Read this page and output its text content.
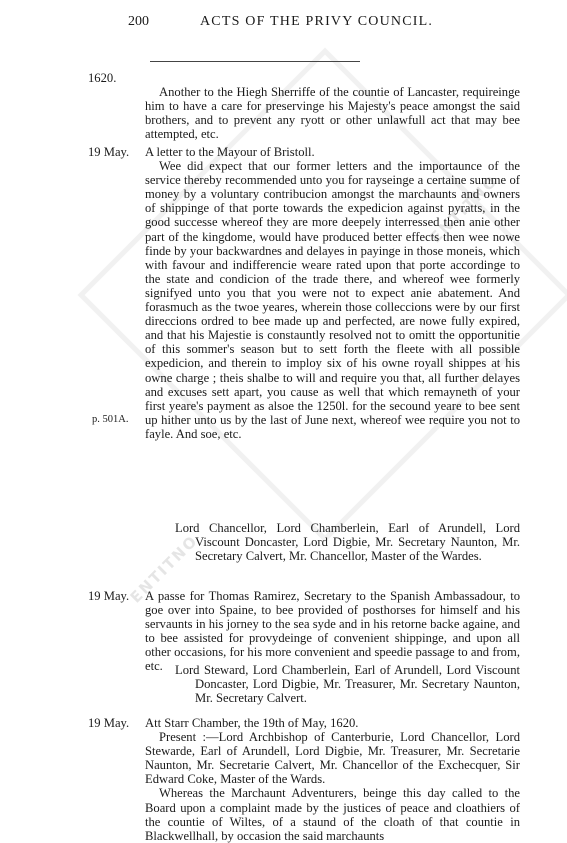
ENTITNO
ENTITNO
200	ACTS OF THE PRIVY COUNCIL.
1620.

Another to the Hiegh Sherriffe of the countie of Lancaster, requireinge him to have a care for preservinge his Majesty's peace amongst the said brothers, and to prevent any ryott or other unlawfull act that may bee attempted, etc.

19 May. A letter to the Mayour of Bristoll.

Wee did expect that our former letters and the importaunce of the service thereby recommended unto you for rayseinge a certaine summe of money by a voluntary contribucion amongst the marchaunts and owners of shippinge of that porte towards the expedicion against pyratts, in the good successe whereof they are more deepely interressed then anie other part of the kingdome, would have produced better effects then wee nowe finde by your backwardnes and delayes in payinge in those moneis, which with favour and indifferencie weare rated upon that porte accordinge to the state and condicion of the trade there, and whereof wee formerly signifyed unto you that you were not to expect anie abatement. And forasmuch as the twoe yeares, wherein those colleccions were by our first direccions ordred to bee made up and perfected, are nowe fully expired, and that his Majestie is constauntly resolved not to omitt the opportunitie of this sommer's season but to sett forth the fleete with all possible expedicion, and therein to imploy six of his owne royall shippes at his owne charge ; theis shalbe to will and require you that, all further delayes and excuses sett apart, you cause as well that which remayneth of your first yeare's payment as alsoe the 1250l. for the secound yeare to bee sent up hither unto us by the last of June next, whereof wee require you not to fayle. And soe, etc.

p. 501A.
Lord Chancellor, Lord Chamberlein, Earl of Arundell, Lord Viscount Doncaster, Lord Digbie, Mr. Secretary Naunton, Mr. Secretary Calvert, Mr. Chancellor, Master of the Wardes.
19 May. A passe for Thomas Ramirez, Secretary to the Spanish Ambassadour, to goe over into Spaine, to bee provided of posthorses for himself and his servaunts in his jorney to the sea syde and in his retorne backe againe, and to bee assisted for provydeinge of convenient shippinge, and upon all other occasions, for his more convenient and speedie passage to and from, etc. Lord Steward, Lord Chamberlein, Earl of Arundell, Lord Viscount Doncaster, Lord Digbie, Mr. Treasurer, Mr. Secretary Naunton, Mr. Secretary Calvert.
19 May. Att Starr Chamber, the 19th of May, 1620.

Present :—Lord Archbishop of Canterburie, Lord Chancellor, Lord Stewarde, Earl of Arundell, Lord Digbie, Mr. Treasurer, Mr. Secretarie Naunton, Mr. Secretarie Calvert, Mr. Chancellor of the Exchecquer, Sir Edward Coke, Master of the Wards.

Whereas the Marchaunt Adventurers, beinge this day called to the Board upon a complaint made by the justices of peace and cloathiers of the countie of Wiltes, of a staund of the cloath of that countie in Blackwellhall, by occasion the said marchaunts
